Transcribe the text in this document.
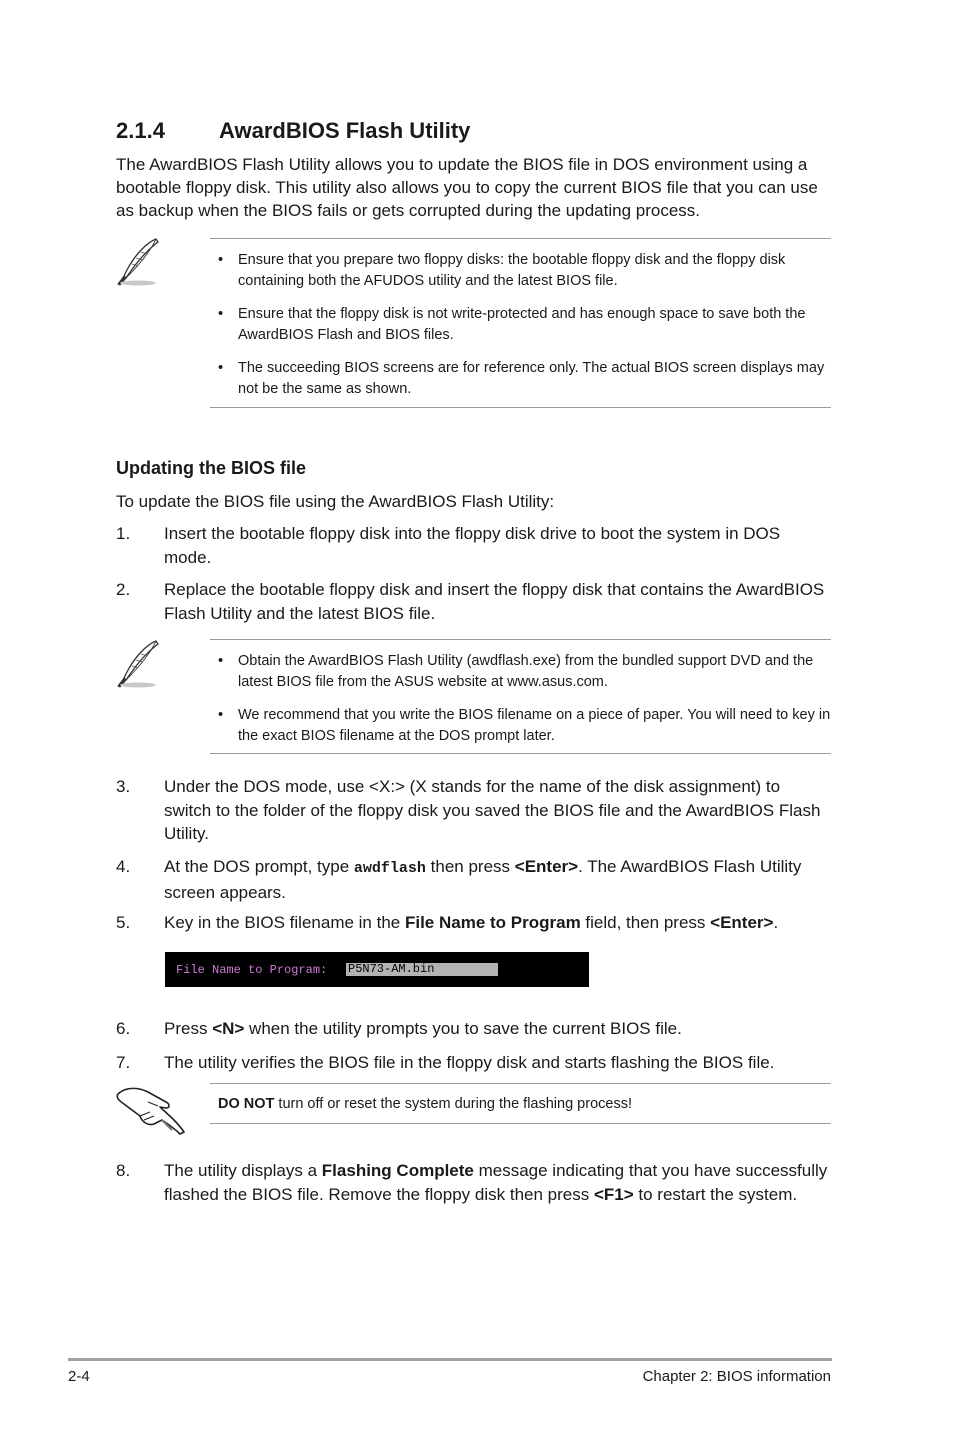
2.1.4 AwardBIOS Flash Utility
The AwardBIOS Flash Utility allows you to update the BIOS file in DOS environment using a bootable floppy disk. This utility also allows you to copy the current BIOS file that you can use as backup when the BIOS fails or gets corrupted during the updating process.
• Ensure that you prepare two floppy disks: the bootable floppy disk and the floppy disk containing both the AFUDOS utility and the latest BIOS file.
• Ensure that the floppy disk is not write-protected and has enough space to save both the AwardBIOS Flash and BIOS files.
• The succeeding BIOS screens are for reference only. The actual BIOS screen displays may not be the same as shown.
Updating the BIOS file
To update the BIOS file using the AwardBIOS Flash Utility:
1.	Insert the bootable floppy disk into the floppy disk drive to boot the system in DOS mode.
2.	Replace the bootable floppy disk and insert the floppy disk that contains the AwardBIOS Flash Utility and the latest BIOS file.
• Obtain the AwardBIOS Flash Utility (awdflash.exe) from the bundled support DVD and the latest BIOS file from the ASUS website at www.asus.com.
• We recommend that you write the BIOS filename on a piece of paper. You will need to key in the exact BIOS filename at the DOS prompt later.
3.	Under the DOS mode, use <X:> (X stands for the name of the disk assignment) to switch to the folder of the floppy disk you saved the BIOS file and the AwardBIOS Flash Utility.
4.	At the DOS prompt, type awdflash then press <Enter>. The AwardBIOS Flash Utility screen appears.
5.	Key in the BIOS filename in the File Name to Program field, then press <Enter>.
File Name to Program: P5N73-AM.bin
6.	Press <N> when the utility prompts you to save the current BIOS file.
7.	The utility verifies the BIOS file in the floppy disk and starts flashing the BIOS file.
DO NOT turn off or reset the system during the flashing process!
8.	The utility displays a Flashing Complete message indicating that you have successfully flashed the BIOS file. Remove the floppy disk then press <F1> to restart the system.
2-4	Chapter 2: BIOS information
